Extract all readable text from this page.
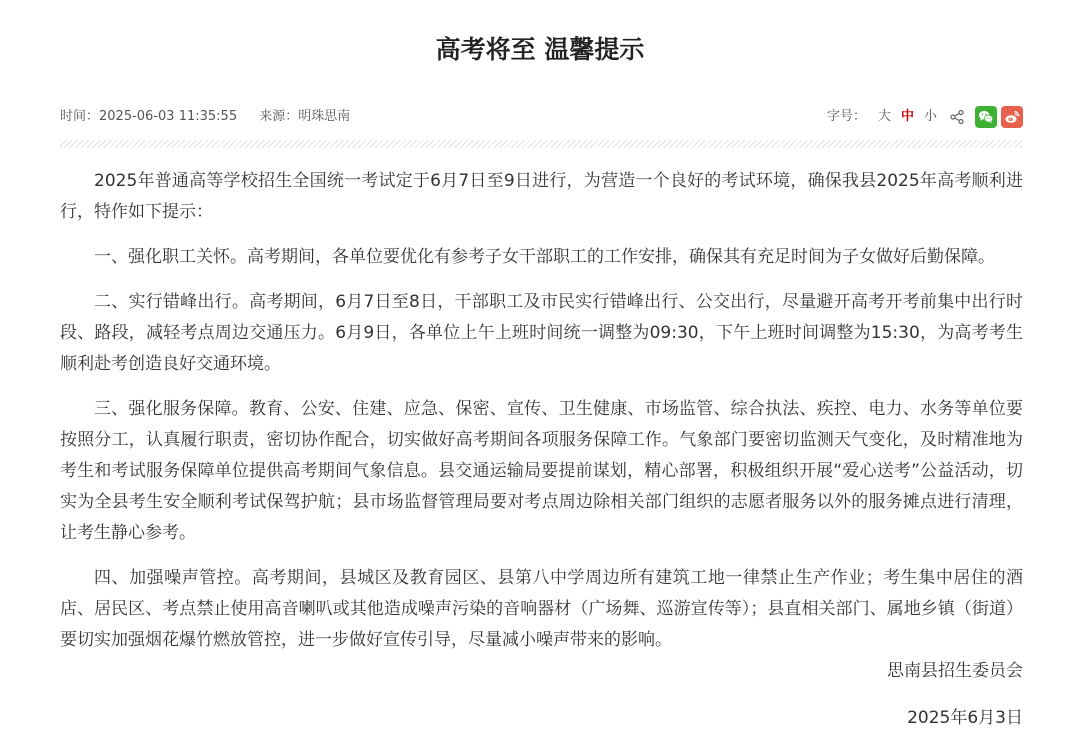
高考将至 温馨提示
时间：2025-06-03 11:35:55 来源：明珠思南	字号： 大 中 小

2025年普通高等学校招生全国统一考试定于6月7日至9日进行，为营造一个良好的考试环境，确保我县2025年高考顺利进行，特作如下提示：

一、强化职工关怀。高考期间，各单位要优化有参考子女干部职工的工作安排，确保其有充足时间为子女做好后勤保障。

二、实行错峰出行。高考期间，6月7日至8日，干部职工及市民实行错峰出行、公交出行，尽量避开高考开考前集中出行时段、路段，减轻考点周边交通压力。6月9日，各单位上午上班时间统一调整为09:30，下午上班时间调整为15:30，为高考考生顺利赴考创造良好交通环境。

三、强化服务保障。教育、公安、住建、应急、保密、宣传、卫生健康、市场监管、综合执法、疾控、电力、水务等单位要按照分工，认真履行职责，密切协作配合，切实做好高考期间各项服务保障工作。气象部门要密切监测天气变化，及时精准地为考生和考试服务保障单位提供高考期间气象信息。县交通运输局要提前谋划，精心部署，积极组织开展“爱心送考”公益活动，切实为全县考生安全顺利考试保驾护航；县市场监督管理局要对考点周边除相关部门组织的志愿者服务以外的服务摊点进行清理，让考生静心参考。

四、加强噪声管控。高考期间，县城区及教育园区、县第八中学周边所有建筑工地一律禁止生产作业；考生集中居住的酒店、居民区、考点禁止使用高音喇叭或其他造成噪声污染的音响器材（广场舞、巡游宣传等）；县直相关部门、属地乡镇（街道）要切实加强烟花爆竹燃放管控，进一步做好宣传引导，尽量减小噪声带来的影响。

思南县招生委员会
2025年6月3日
